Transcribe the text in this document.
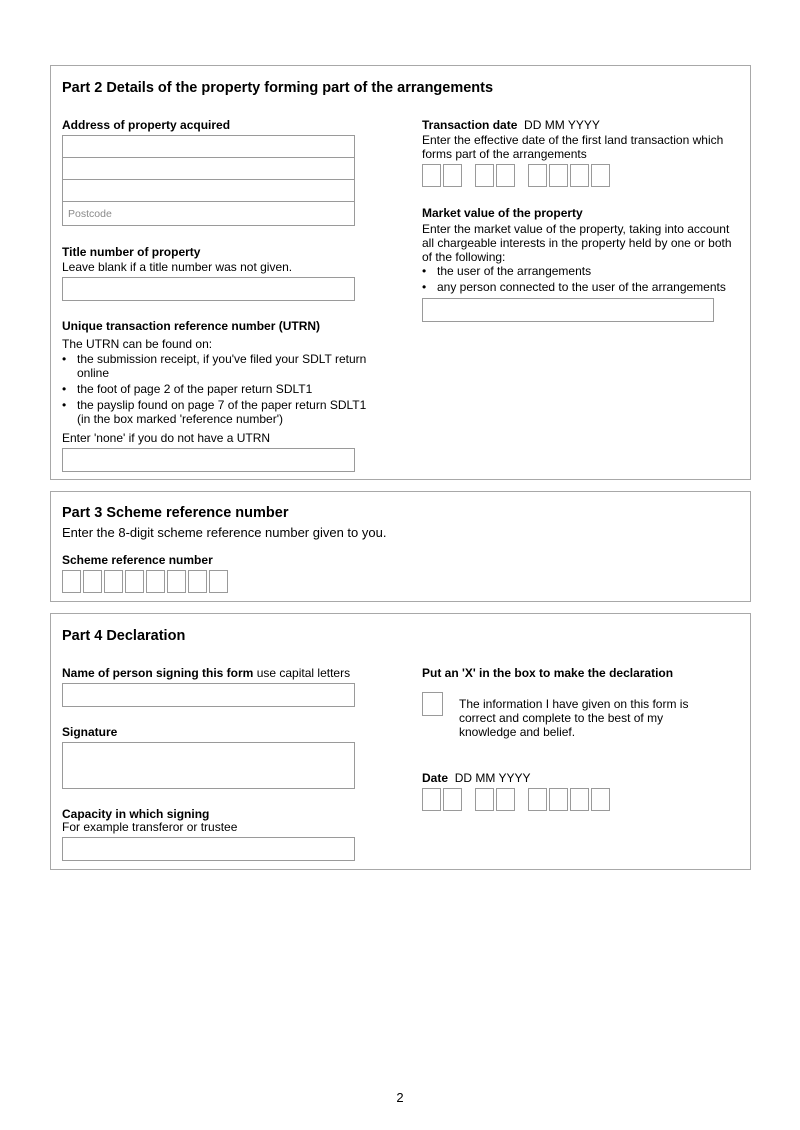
Part 2 Details of the property forming part of the arrangements
Address of property acquired
Postcode
Title number of property
Leave blank if a title number was not given.
Unique transaction reference number (UTRN)
The UTRN can be found on:
• the submission receipt, if you've filed your SDLT return online
• the foot of page 2 of the paper return SDLT1
• the payslip found on page 7 of the paper return SDLT1 (in the box marked 'reference number')
Enter 'none' if you do not have a UTRN
Transaction date DD MM YYYY
Enter the effective date of the first land transaction which forms part of the arrangements
Market value of the property
Enter the market value of the property, taking into account all chargeable interests in the property held by one or both of the following:
• the user of the arrangements
• any person connected to the user of the arrangements
Part 3 Scheme reference number
Enter the 8-digit scheme reference number given to you.
Scheme reference number
Part 4 Declaration
Name of person signing this form use capital letters
Signature
Capacity in which signing
For example transferor or trustee
Put an 'X' in the box to make the declaration
The information I have given on this form is correct and complete to the best of my knowledge and belief.
Date DD MM YYYY
2
